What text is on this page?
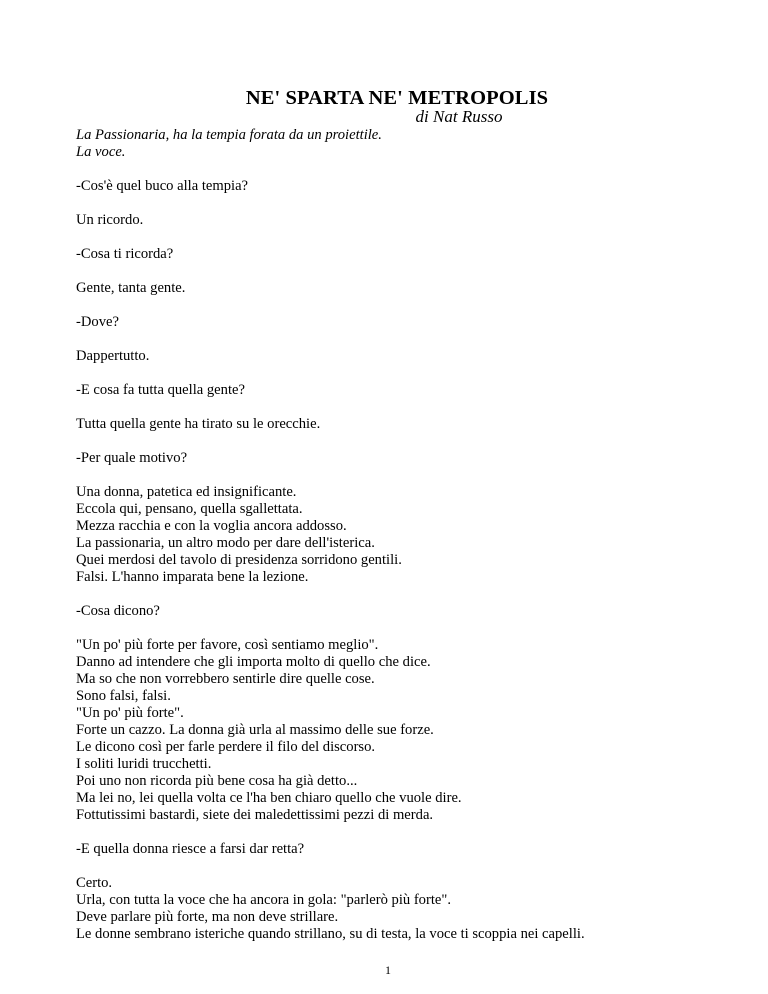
NE' SPARTA NE' METROPOLIS
di Nat Russo

La Passionaria, ha la tempia forata da un proiettile.
La voce.

-Cos'è quel buco alla tempia?

Un ricordo.

-Cosa ti ricorda?

Gente, tanta gente.

-Dove?

Dappertutto.

-E cosa fa tutta quella gente?

Tutta quella gente ha tirato su le orecchie.

-Per quale motivo?

Una donna, patetica ed insignificante.
Eccola qui, pensano, quella sgallettata.
Mezza racchia e con la voglia ancora addosso.
La passionaria, un altro modo per dare dell'isterica.
Quei merdosi del tavolo di presidenza sorridono gentili.
Falsi. L'hanno imparata bene la lezione.

-Cosa dicono?

"Un po' più forte per favore, così sentiamo meglio".
Danno ad intendere che gli importa molto di quello che dice.
Ma so che non vorrebbero sentirle dire quelle cose.
Sono falsi, falsi.
"Un po' più forte".
Forte un cazzo. La donna già urla al massimo delle sue forze.
Le dicono così per farle perdere il filo del discorso.
I soliti luridi trucchetti.
Poi uno non ricorda più bene cosa ha già detto...
Ma lei no, lei quella volta ce l'ha ben chiaro quello che vuole dire.
Fottutissimi bastardi, siete dei maledettissimi pezzi di merda.

-E quella donna riesce a farsi dar retta?

Certo.
Urla, con tutta la voce che ha ancora in gola: "parlerò più forte".
Deve parlare più forte, ma non deve strillare.
Le donne sembrano isteriche quando strillano, su di testa, la voce ti scoppia nei capelli.

1
